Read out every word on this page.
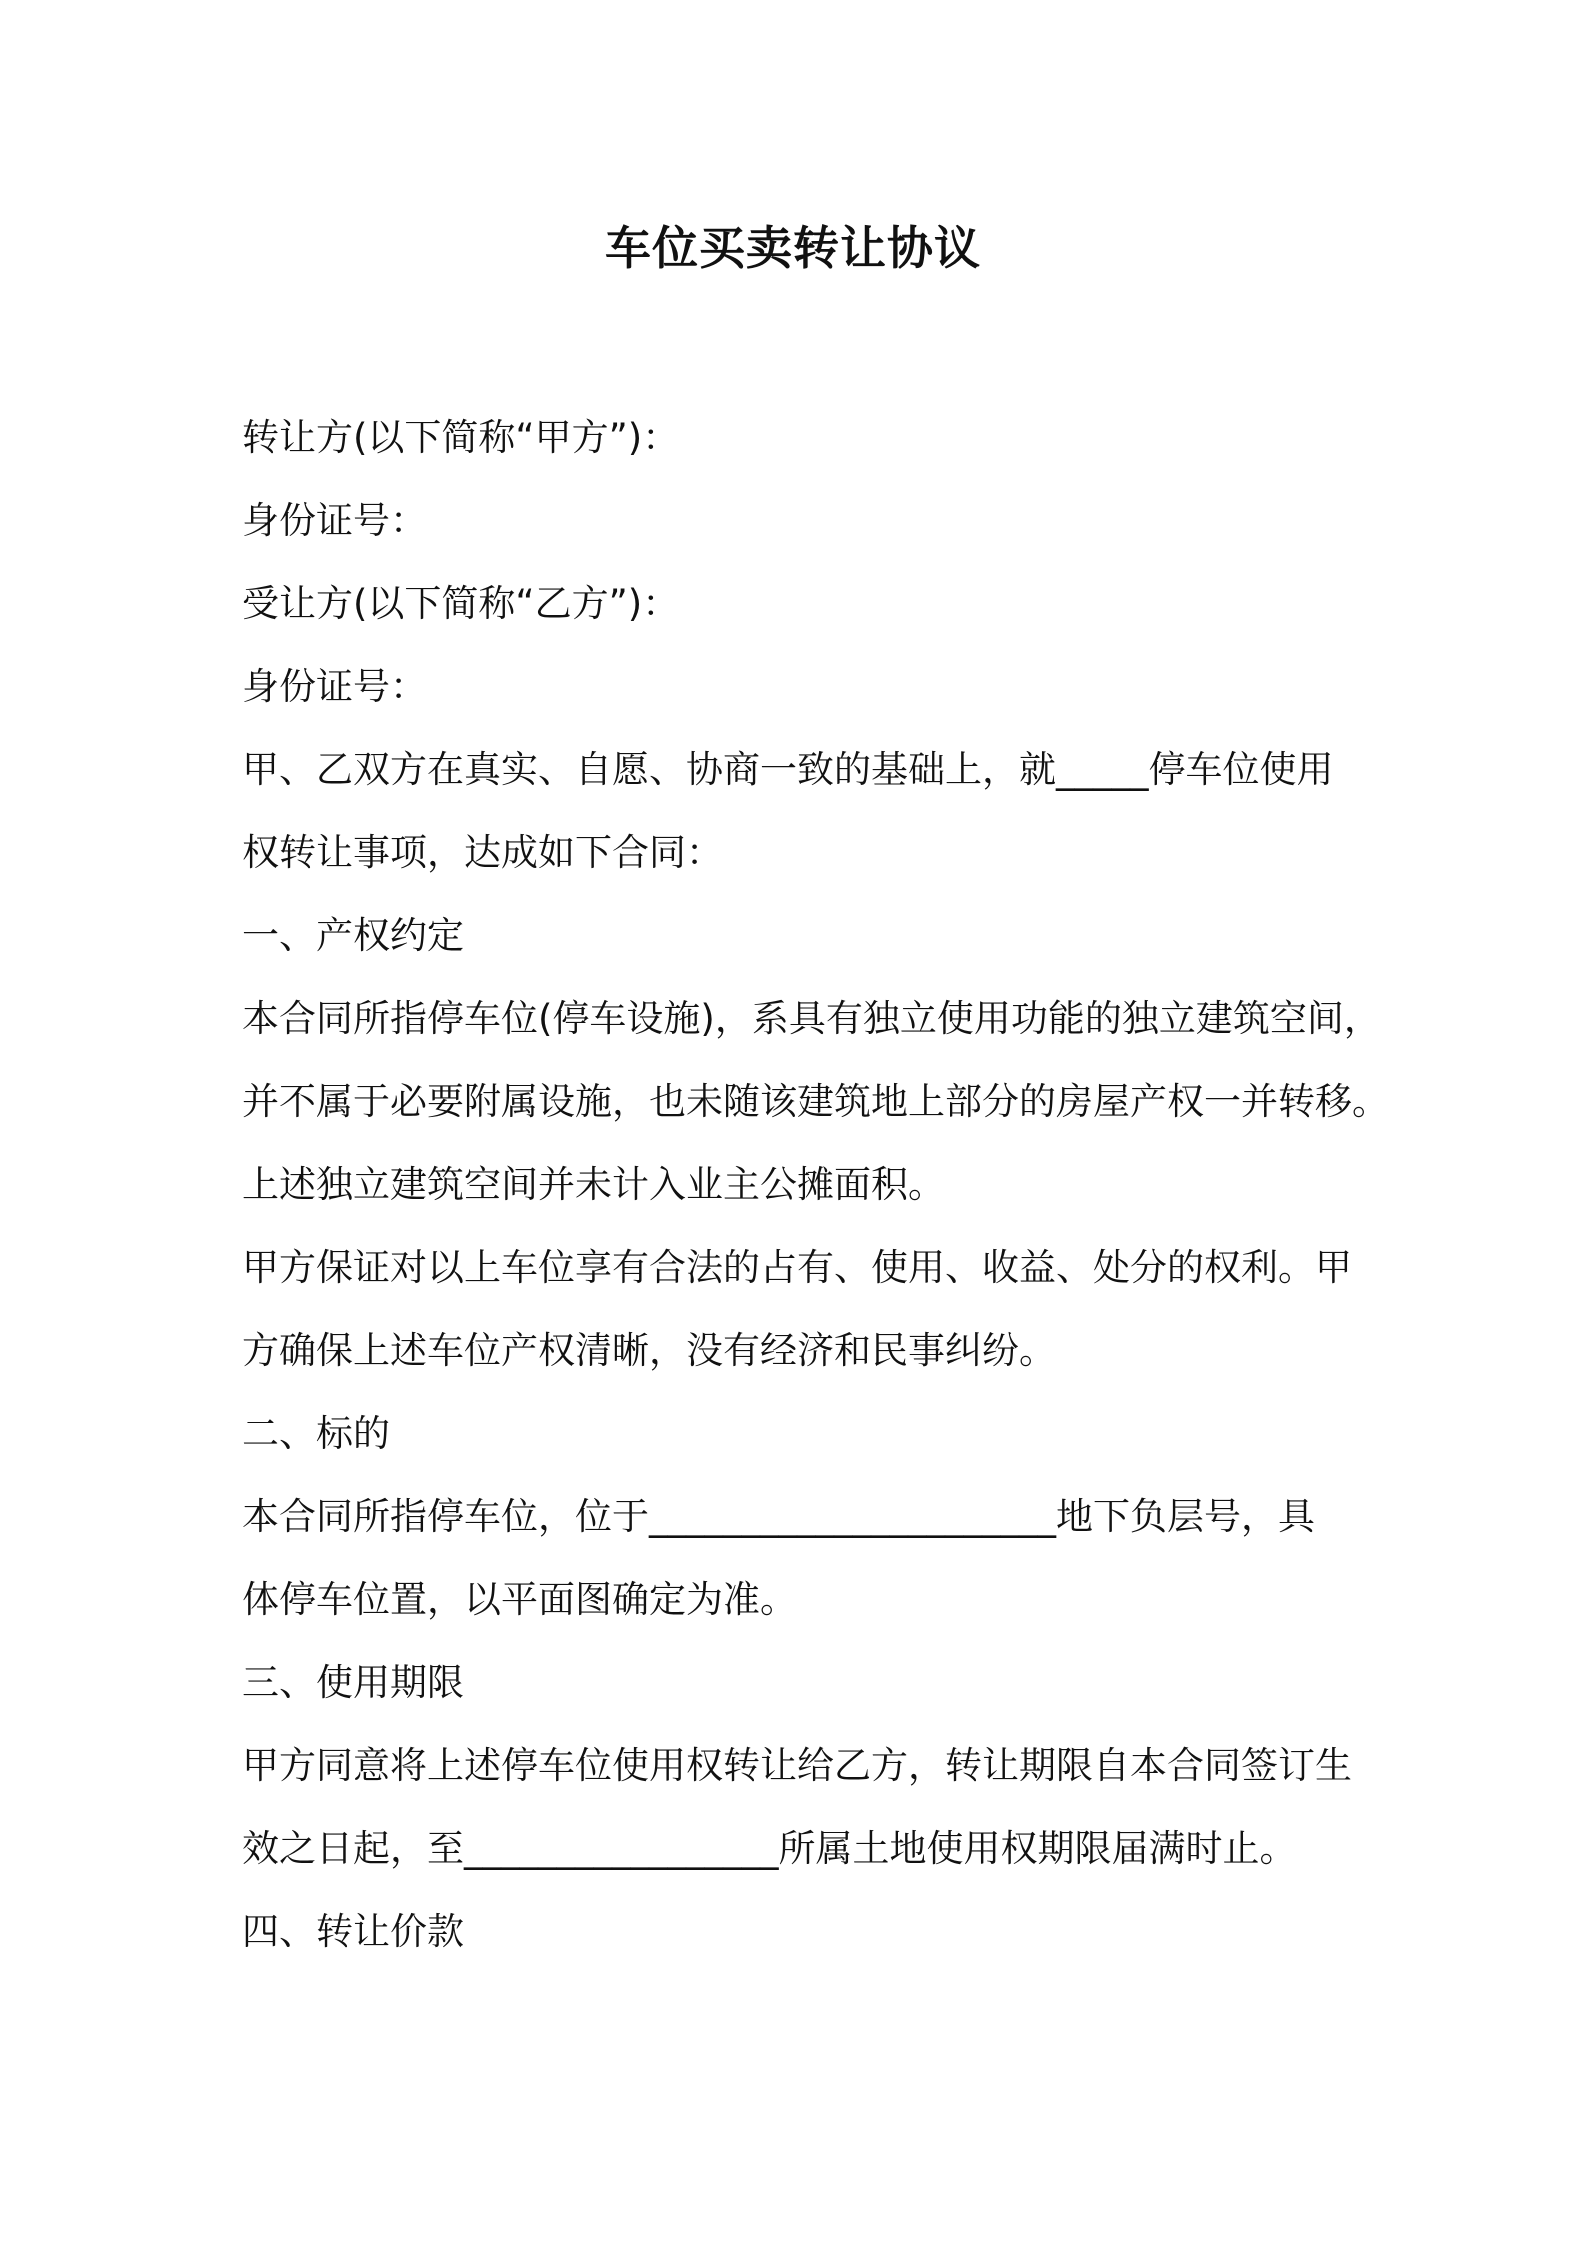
车位买卖转让协议
转让方(以下简称“甲方”)：
身份证号：
受让方(以下简称“乙方”)：
身份证号：
甲、乙双方在真实、自愿、协商一致的基础上，就_____停车位使用
权转让事项，达成如下合同：
一、产权约定
本合同所指停车位(停车设施)，系具有独立使用功能的独立建筑空间，
并不属于必要附属设施，也未随该建筑地上部分的房屋产权一并转移。
上述独立建筑空间并未计入业主公摊面积。
甲方保证对以上车位享有合法的占有、使用、收益、处分的权利。甲
方确保上述车位产权清晰，没有经济和民事纠纷。
二、标的
本合同所指停车位，位于______________________地下负层号，具
体停车位置，以平面图确定为准。
三、使用期限
甲方同意将上述停车位使用权转让给乙方，转让期限自本合同签订生
效之日起，至_________________所属土地使用权期限届满时止。
四、转让价款
